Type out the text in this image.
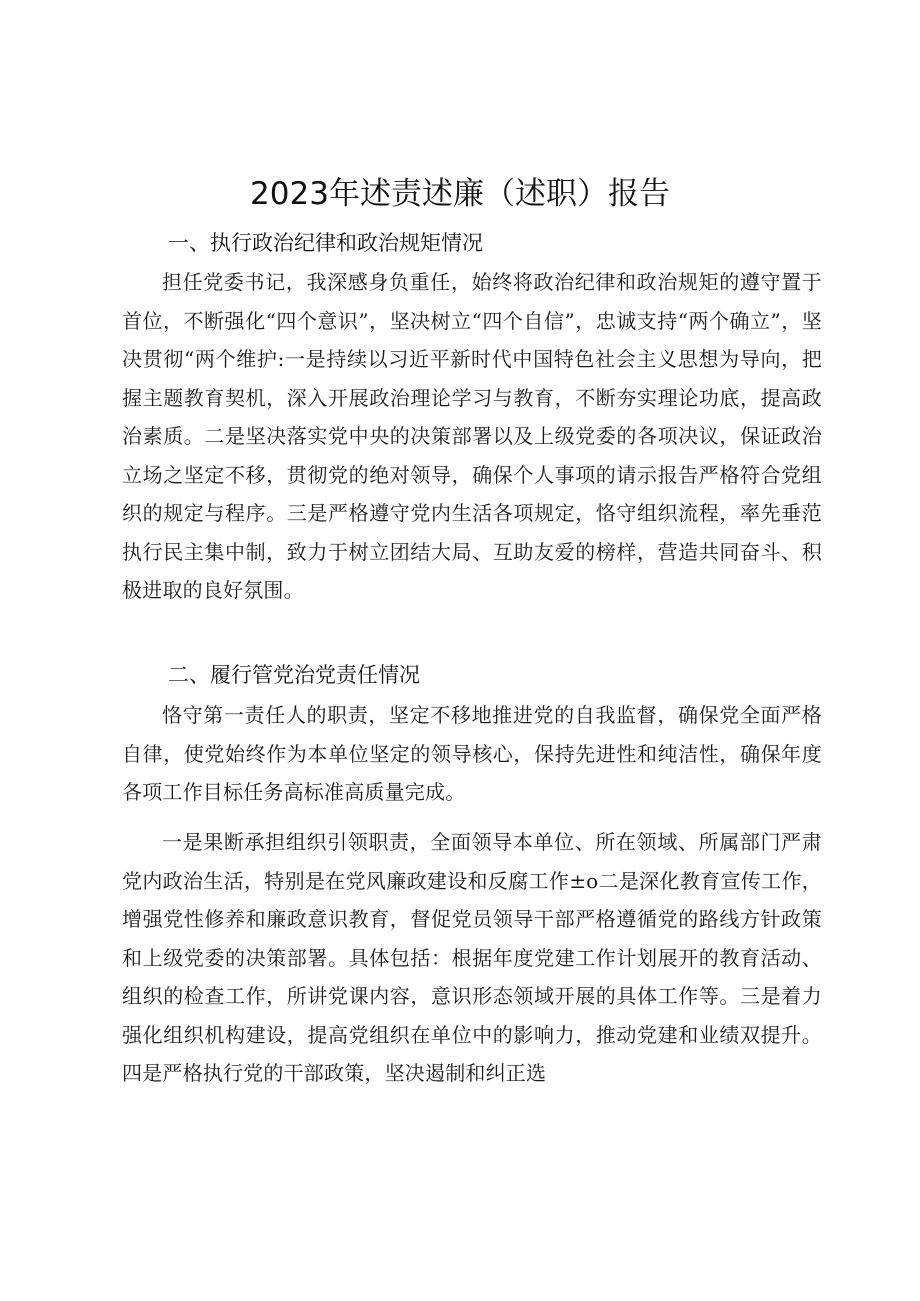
2023年述责述廉（述职）报告
一、执行政治纪律和政治规矩情况

担任党委书记，我深感身负重任，始终将政治纪律和政治规矩的遵守置于首位，不断强化“四个意识”，坚决树立“四个自信”，忠诚支持“两个确立”，坚决贯彻“两个维护:一是持续以习近平新时代中国特色社会主义思想为导向，把握主题教育契机，深入开展政治理论学习与教育，不断夯实理论功底，提高政治素质。二是坚决落实党中央的决策部署以及上级党委的各项决议，保证政治立场之坚定不移，贯彻党的绝对领导，确保个人事项的请示报告严格符合党组织的规定与程序。三是严格遵守党内生活各项规定，恪守组织流程，率先垂范执行民主集中制，致力于树立团结大局、互助友爱的榜样，营造共同奋斗、积极进取的良好氛围。

二、履行管党治党责任情况

恪守第一责任人的职责，坚定不移地推进党的自我监督，确保党全面严格自律，使党始终作为本单位坚定的领导核心，保持先进性和纯洁性，确保年度各项工作目标任务高标准高质量完成。

一是果断承担组织引领职责，全面领导本单位、所在领域、所属部门严肃党内政治生活，特别是在党风廉政建设和反腐工作±o二是深化教育宣传工作，增强党性修养和廉政意识教育，督促党员领导干部严格遵循党的路线方针政策和上级党委的决策部署。具体包括：根据年度党建工作计划展开的教育活动、组织的检查工作，所讲党课内容，意识形态领域开展的具体工作等。三是着力强化组织机构建设，提高党组织在单位中的影响力，推动党建和业绩双提升。四是严格执行党的干部政策，坚决遏制和纠正选
